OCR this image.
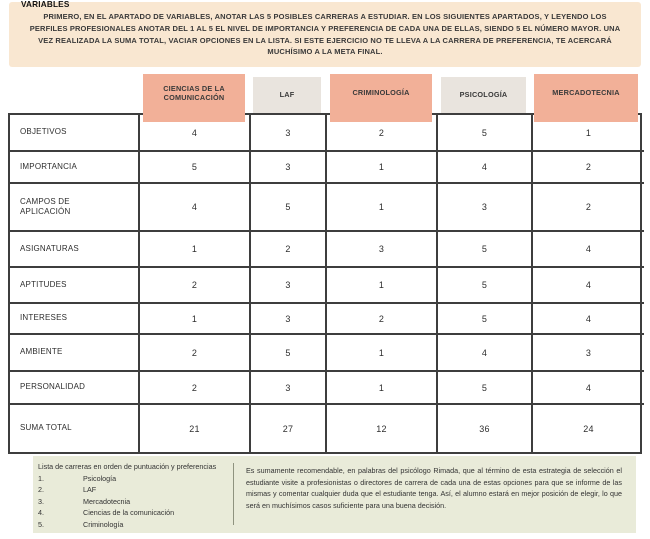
PRIMERO, EN EL APARTADO DE VARIABLES, ANOTAR LAS 5 POSIBLES CARRERAS A ESTUDIAR. EN LOS SIGUIENTES APARTADOS, Y LEYENDO LOS PERFILES PROFESIONALES ANOTAR DEL 1 AL 5 EL NIVEL DE IMPORTANCIA Y PREFERENCIA DE CADA UNA DE ELLAS, SIENDO 5 EL NÚMERO MAYOR. UNA VEZ REALIZADA LA SUMA TOTAL, VACIAR OPCIONES EN LA LISTA. SI ESTE EJERCICIO NO TE LLEVA A LA CARRERA DE PREFERENCIA, TE ACERCARÁ MUCHÍSIMO A LA META FINAL.

VARIABLES
CIENCIAS DE LA COMUNICACIÓN	LAF	CRIMINOLOGÍA	PSICOLOGÍA	MERCADOTECNIA
OBJETIVOS	4	3	2	5	1
IMPORTANCIA	5	3	1	4	2
CAMPOS DE APLICACIÓN	4	5	1	3	2
ASIGNATURAS	1	2	3	5	4
APTITUDES	2	3	1	5	4
INTERESES	1	3	2	5	4
AMBIENTE	2	5	1	4	3
PERSONALIDAD	2	3	1	5	4
SUMA TOTAL	21	27	12	36	24
Lista de carreras en orden de puntuación y preferencias
1.	Psicología
2.	LAF
3.	Mercadotecnia
4.	Ciencias de la comunicación
5.	Criminología
Es sumamente recomendable, en palabras del psicólogo Rimada, que al término de esta estrategia de selección el estudiante visite a profesionistas o directores de carrera de cada una de estas opciones para que se informe de las mismas y comentar cualquier duda que el estudiante tenga. Así, el alumno estará en mejor posición de elegir, lo que será en muchísimos casos suficiente para una buena decisión.
